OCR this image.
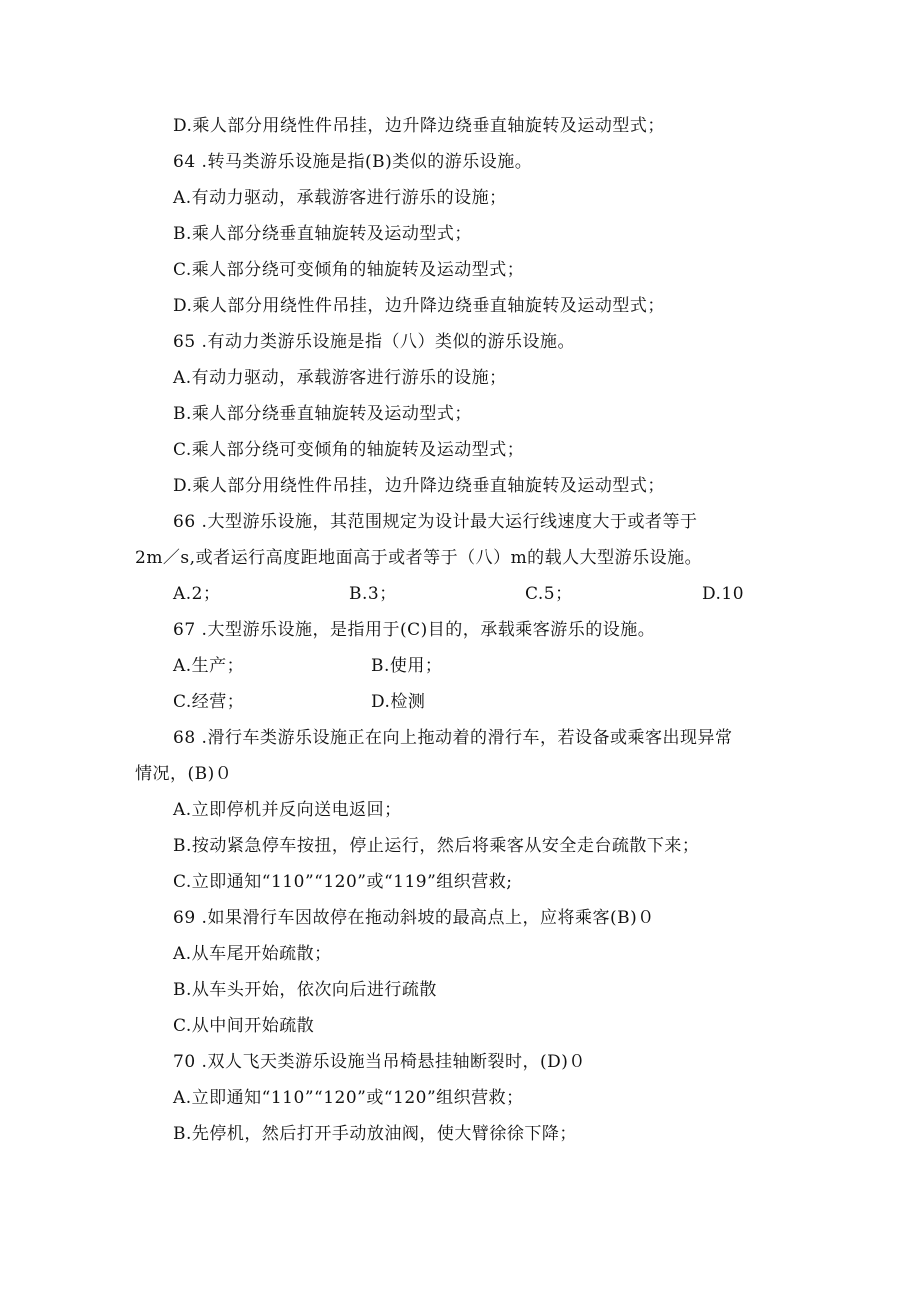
D.乘人部分用绕性件吊挂，边升降边绕垂直轴旋转及运动型式；
64 .转马类游乐设施是指(B)类似的游乐设施。
A.有动力驱动，承载游客进行游乐的设施；
B.乘人部分绕垂直轴旋转及运动型式；
C.乘人部分绕可变倾角的轴旋转及运动型式；
D.乘人部分用绕性件吊挂，边升降边绕垂直轴旋转及运动型式；
65 .有动力类游乐设施是指（八）类似的游乐设施。
A.有动力驱动，承载游客进行游乐的设施；
B.乘人部分绕垂直轴旋转及运动型式；
C.乘人部分绕可变倾角的轴旋转及运动型式；
D.乘人部分用绕性件吊挂，边升降边绕垂直轴旋转及运动型式；
66 .大型游乐设施，其范围规定为设计最大运行线速度大于或者等于
2m／s,或者运行高度距地面高于或者等于（八）m的载人大型游乐设施。
A.2；	B.3；	C.5；	D.10
67 .大型游乐设施，是指用于(C)目的，承载乘客游乐的设施。
A.生产；	B.使用；
C.经营；	D.检测
68 .滑行车类游乐设施正在向上拖动着的滑行车，若设备或乘客出现异常
情况，(B)０
A.立即停机并反向送电返回；
B.按动紧急停车按扭，停止运行，然后将乘客从安全走台疏散下来；
C.立即通知“110”“120”或“119”组织营救;
69 .如果滑行车因故停在拖动斜坡的最高点上，应将乘客(B)０
A.从车尾开始疏散；
B.从车头开始，依次向后进行疏散
C.从中间开始疏散
70 .双人飞天类游乐设施当吊椅悬挂轴断裂时，(D)０
A.立即通知“110”“120”或“120”组织营救；
B.先停机，然后打开手动放油阀，使大臂徐徐下降；
